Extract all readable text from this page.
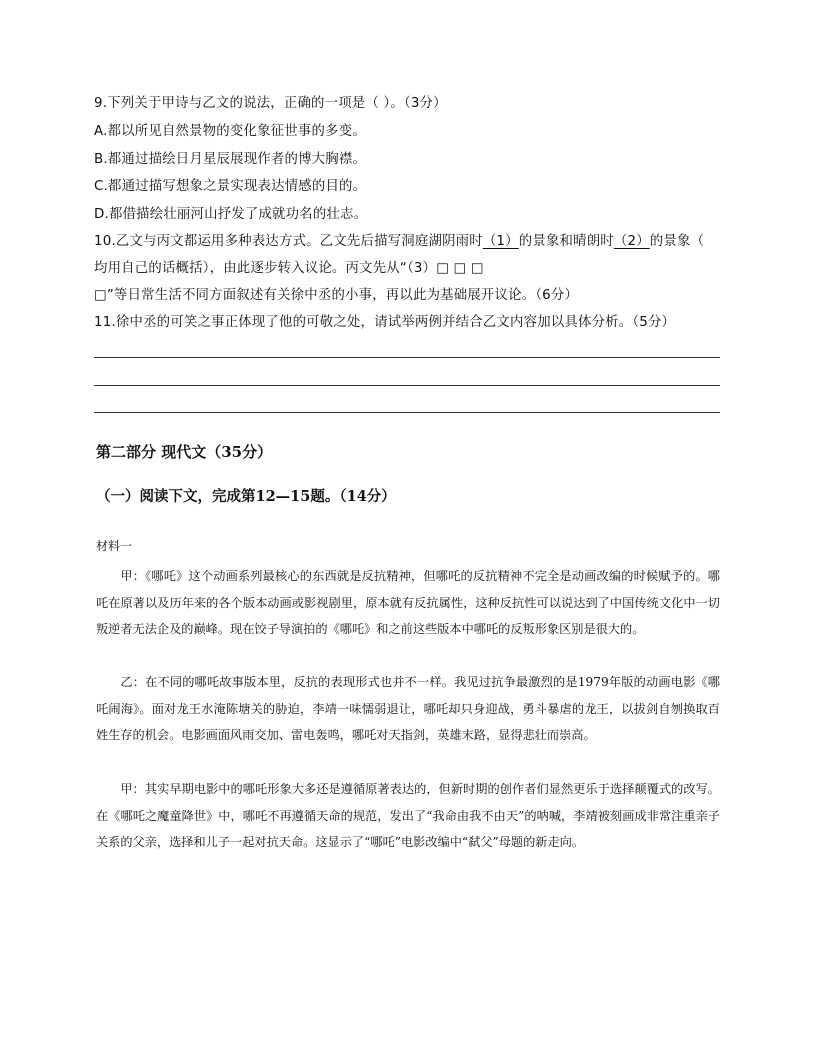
9.下列关于甲诗与乙文的说法，正确的一项是（ ）。（3分）
A.都以所见自然景物的变化象征世事的多变。
B.都通过描绘日月星辰展现作者的博大胸襟。
C.都通过描写想象之景实现表达情感的目的。
D.都借描绘壮丽河山抒发了成就功名的壮志。
10.乙文与丙文都运用多种表达方式。乙文先后描写洞庭湖阴雨时（1）的景象和晴朗时（2）的景象（
均用自己的话概括），由此逐步转入议论。丙文先从“（3）□ □ □
□”等日常生活不同方面叙述有关徐中丞的小事，再以此为基础展开议论。（6分）
11.徐中丞的可笑之事正体现了他的可敬之处，请试举两例并结合乙文内容加以具体分析。（5分）
第二部分 现代文（35分）
（一）阅读下文，完成第12—15题。（14分）
材料一

甲：《哪吒》这个动画系列最核心的东西就是反抗精神，但哪吒的反抗精神不完全是动画改编的时候赋予的。哪吒在原著以及历年来的各个版本动画或影视剧里，原本就有反抗属性，这种反抗性可以说达到了中国传统文化中一切叛逆者无法企及的巅峰。现在饺子导演拍的《哪吒》和之前这些版本中哪吒的反叛形象区别是很大的。

乙：在不同的哪吒故事版本里，反抗的表现形式也并不一样。我见过抗争最激烈的是1979年版的动画电影《哪吒闹海》。面对龙王水淹陈塘关的胁迫，李靖一味懦弱退让，哪吒却只身迎战，勇斗暴虐的龙王，以拔剑自刎换取百姓生存的机会。电影画面风雨交加、雷电轰鸣，哪吒对天指剑，英雄末路，显得悲壮而崇高。

甲：其实早期电影中的哪吒形象大多还是遵循原著表达的，但新时期的创作者们显然更乐于选择颠覆式的改写。在《哪吒之魔童降世》中，哪吒不再遵循天命的规范，发出了“我命由我不由天”的呐喊，李靖被刻画成非常注重亲子关系的父亲，选择和儿子一起对抗天命。这显示了“哪吒”电影改编中“弑父”母题的新走向。
